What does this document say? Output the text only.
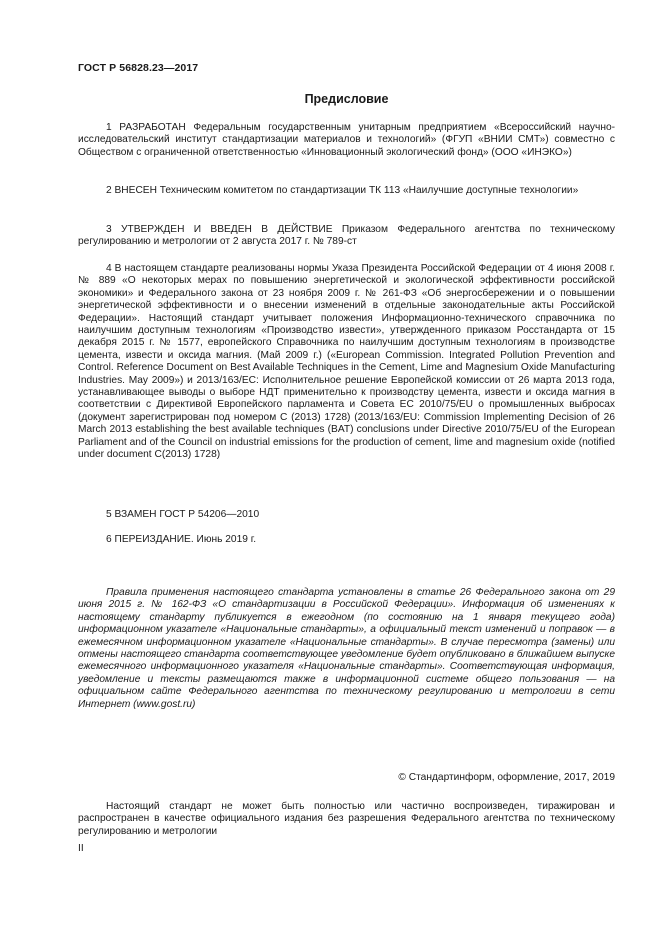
ГОСТ Р 56828.23—2017
Предисловие

1 РАЗРАБОТАН Федеральным государственным унитарным предприятием «Всероссийский научно-исследовательский институт стандартизации материалов и технологий» (ФГУП «ВНИИ СМТ») совместно с Обществом с ограниченной ответственностью «Инновационный экологический фонд» (ООО «ИНЭКО»)

2 ВНЕСЕН Техническим комитетом по стандартизации ТК 113 «Наилучшие доступные технологии»

3 УТВЕРЖДЕН И ВВЕДЕН В ДЕЙСТВИЕ Приказом Федерального агентства по техническому регулированию и метрологии от 2 августа 2017 г. № 789-ст

4 В настоящем стандарте реализованы нормы Указа Президента Российской Федерации от 4 июня 2008 г. № 889 «О некоторых мерах по повышению энергетической и экологической эффективности российской экономики» и Федерального закона от 23 ноября 2009 г. № 261-ФЗ «Об энергосбережении и о повышении энергетической эффективности и о внесении изменений в отдельные законодательные акты Российской Федерации». Настоящий стандарт учитывает положения Информационно-технического справочника по наилучшим доступным технологиям «Производство извести», утвержденного приказом Росстандарта от 15 декабря 2015 г. № 1577, европейского Справочника по наилучшим доступным технологиям в производстве цемента, извести и оксида магния. (Май 2009 г.) («European Commission. Integrated Pollution Prevention and Control. Reference Document on Best Available Techniques in the Cement, Lime and Magnesium Oxide Manufacturing Industries. May 2009») и 2013/163/ЕС: Исполнительное решение Европейской комиссии от 26 марта 2013 года, устанавливающее выводы о выборе НДТ применительно к производству цемента, извести и оксида магния в соответствии с Директивой Европейского парламента и Совета ЕС 2010/75/EU о промышленных выбросах (документ зарегистрирован под номером С (2013) 1728) (2013/163/EU: Commission Implementing Decision of 26 March 2013 establishing the best available techniques (BAT) conclusions under Directive 2010/75/EU of the European Parliament and of the Council on industrial emissions for the production of cement, lime and magnesium oxide (notified under document C(2013) 1728)

5 ВЗАМЕН ГОСТ Р 54206—2010

6 ПЕРЕИЗДАНИЕ. Июнь 2019 г.

Правила применения настоящего стандарта установлены в статье 26 Федерального закона от 29 июня 2015 г. № 162-ФЗ «О стандартизации в Российской Федерации». Информация об изменениях к настоящему стандарту публикуется в ежегодном (по состоянию на 1 января текущего года) информационном указателе «Национальные стандарты», а официальный текст изменений и поправок — в ежемесячном информационном указателе «Национальные стандарты». В случае пересмотра (замены) или отмены настоящего стандарта соответствующее уведомление будет опубликовано в ближайшем выпуске ежемесячного информационного указателя «Национальные стандарты». Соответствующая информация, уведомление и тексты размещаются также в информационной системе общего пользования — на официальном сайте Федерального агентства по техническому регулированию и метрологии в сети Интернет (www.gost.ru)

© Стандартинформ, оформление, 2017, 2019

Настоящий стандарт не может быть полностью или частично воспроизведен, тиражирован и распространен в качестве официального издания без разрешения Федерального агентства по техническому регулированию и метрологии

II
